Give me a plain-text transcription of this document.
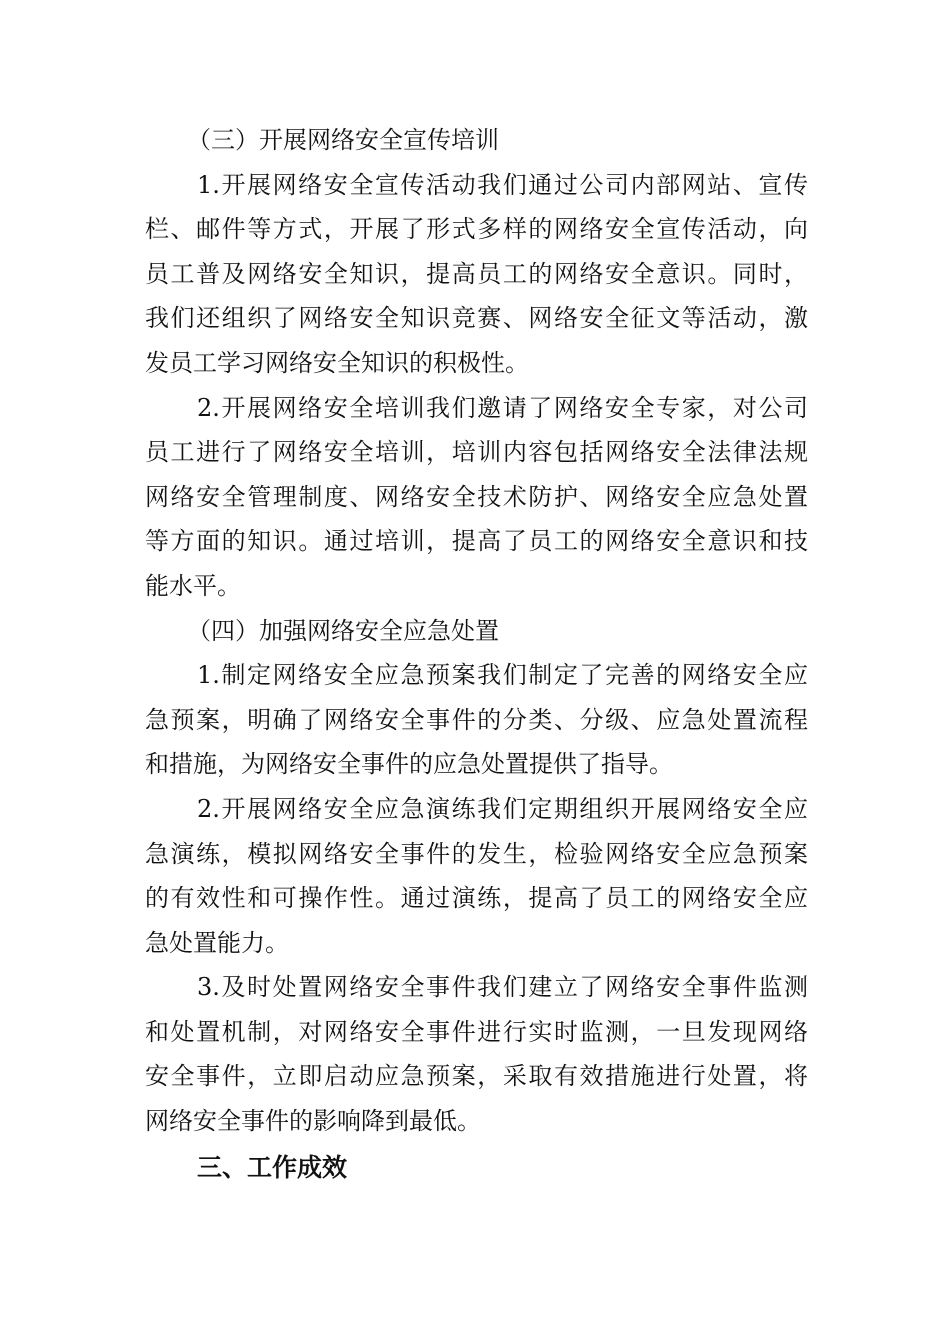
（三）开展网络安全宣传培训
1.开展网络安全宣传活动我们通过公司内部网站、宣传
栏、邮件等方式，开展了形式多样的网络安全宣传活动，向
员工普及网络安全知识，提高员工的网络安全意识。同时，
我们还组织了网络安全知识竞赛、网络安全征文等活动，激
发员工学习网络安全知识的积极性。
2.开展网络安全培训我们邀请了网络安全专家，对公司
员工进行了网络安全培训，培训内容包括网络安全法律法规
网络安全管理制度、网络安全技术防护、网络安全应急处置
等方面的知识。通过培训，提高了员工的网络安全意识和技
能水平。
（四）加强网络安全应急处置
1.制定网络安全应急预案我们制定了完善的网络安全应
急预案，明确了网络安全事件的分类、分级、应急处置流程
和措施，为网络安全事件的应急处置提供了指导。
2.开展网络安全应急演练我们定期组织开展网络安全应
急演练，模拟网络安全事件的发生，检验网络安全应急预案
的有效性和可操作性。通过演练，提高了员工的网络安全应
急处置能力。
3.及时处置网络安全事件我们建立了网络安全事件监测
和处置机制，对网络安全事件进行实时监测，一旦发现网络
安全事件，立即启动应急预案，采取有效措施进行处置，将
网络安全事件的影响降到最低。
三、工作成效
